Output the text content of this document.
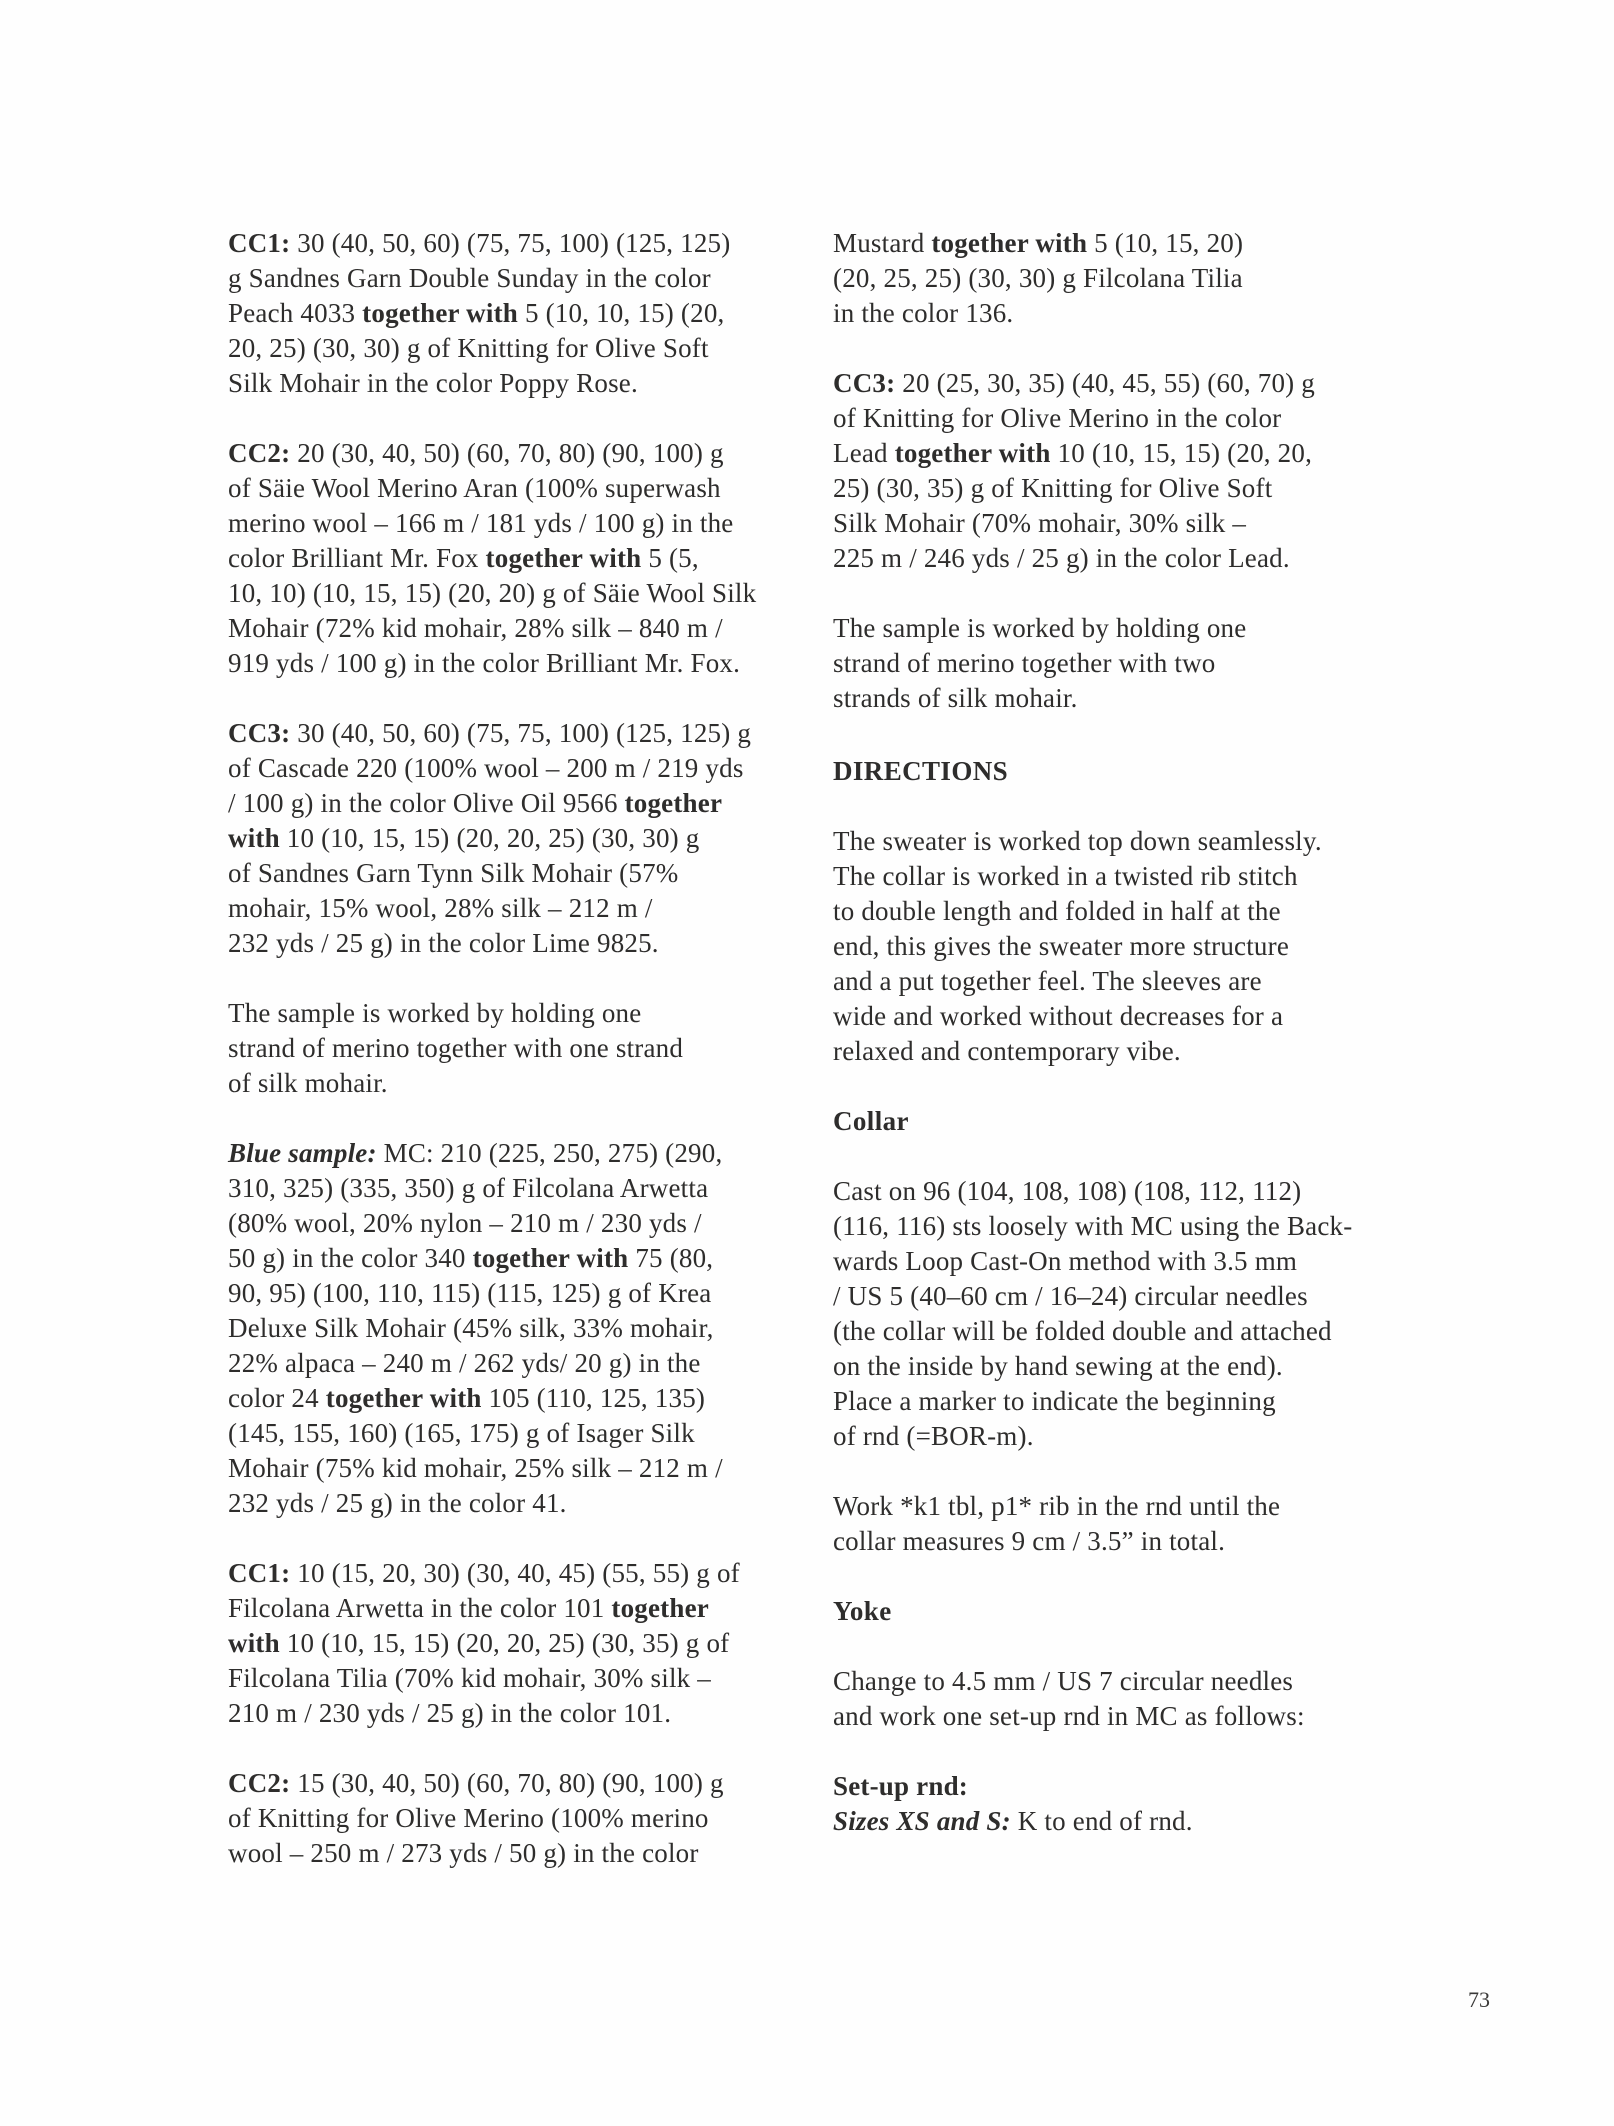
CC1: 30 (40, 50, 60) (75, 75, 100) (125, 125)
g Sandnes Garn Double Sunday in the color
Peach 4033 together with 5 (10, 10, 15) (20,
20, 25) (30, 30) g of Knitting for Olive Soft
Silk Mohair in the color Poppy Rose.
CC2: 20 (30, 40, 50) (60, 70, 80) (90, 100) g
of Säie Wool Merino Aran (100% superwash
merino wool – 166 m / 181 yds / 100 g) in the
color Brilliant Mr. Fox together with 5 (5,
10, 10) (10, 15, 15) (20, 20) g of Säie Wool Silk
Mohair (72% kid mohair, 28% silk – 840 m /
919 yds / 100 g) in the color Brilliant Mr. Fox.
CC3: 30 (40, 50, 60) (75, 75, 100) (125, 125) g
of Cascade 220 (100% wool – 200 m / 219 yds
/ 100 g) in the color Olive Oil 9566 together
with 10 (10, 15, 15) (20, 20, 25) (30, 30) g
of Sandnes Garn Tynn Silk Mohair (57%
mohair, 15% wool, 28% silk – 212 m /
232 yds / 25 g) in the color Lime 9825.
The sample is worked by holding one
strand of merino together with one strand
of silk mohair.
Blue sample: MC: 210 (225, 250, 275) (290,
310, 325) (335, 350) g of Filcolana Arwetta
(80% wool, 20% nylon – 210 m / 230 yds /
50 g) in the color 340 together with 75 (80,
90, 95) (100, 110, 115) (115, 125) g of Krea
Deluxe Silk Mohair (45% silk, 33% mohair,
22% alpaca – 240 m / 262 yds/ 20 g) in the
color 24 together with 105 (110, 125, 135)
(145, 155, 160) (165, 175) g of Isager Silk
Mohair (75% kid mohair, 25% silk – 212 m /
232 yds / 25 g) in the color 41.
CC1: 10 (15, 20, 30) (30, 40, 45) (55, 55) g of
Filcolana Arwetta in the color 101 together
with 10 (10, 15, 15) (20, 20, 25) (30, 35) g of
Filcolana Tilia (70% kid mohair, 30% silk –
210 m / 230 yds / 25 g) in the color 101.
CC2: 15 (30, 40, 50) (60, 70, 80) (90, 100) g
of Knitting for Olive Merino (100% merino
wool – 250 m / 273 yds / 50 g) in the color
Mustard together with 5 (10, 15, 20)
(20, 25, 25) (30, 30) g Filcolana Tilia
in the color 136.
CC3: 20 (25, 30, 35) (40, 45, 55) (60, 70) g
of Knitting for Olive Merino in the color
Lead together with 10 (10, 15, 15) (20, 20,
25) (30, 35) g of Knitting for Olive Soft
Silk Mohair (70% mohair, 30% silk –
225 m / 246 yds / 25 g) in the color Lead.
The sample is worked by holding one
strand of merino together with two
strands of silk mohair.
DIRECTIONS
The sweater is worked top down seamlessly.
The collar is worked in a twisted rib stitch
to double length and folded in half at the
end, this gives the sweater more structure
and a put together feel. The sleeves are
wide and worked without decreases for a
relaxed and contemporary vibe.
Collar
Cast on 96 (104, 108, 108) (108, 112, 112)
(116, 116) sts loosely with MC using the Back-
wards Loop Cast-On method with 3.5 mm
/ US 5 (40–60 cm / 16–24) circular needles
(the collar will be folded double and attached
on the inside by hand sewing at the end).
Place a marker to indicate the beginning
of rnd (=BOR-m).
Work *k1 tbl, p1* rib in the rnd until the
collar measures 9 cm / 3.5” in total.
Yoke
Change to 4.5 mm / US 7 circular needles
and work one set-up rnd in MC as follows:
Set-up rnd:
Sizes XS and S: K to end of rnd.
73
